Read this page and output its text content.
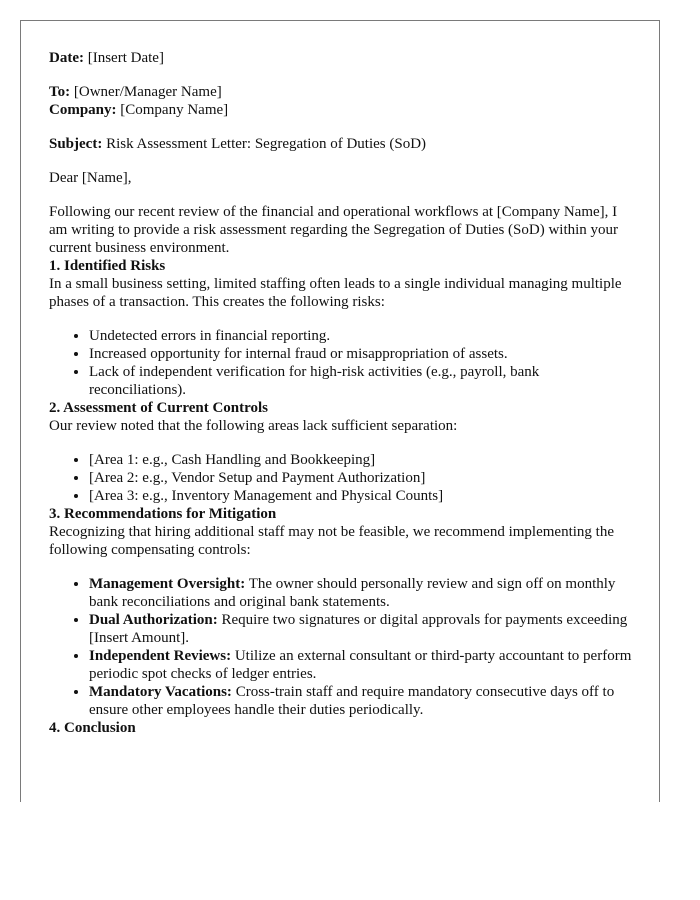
Date: [Insert Date]

To: [Owner/Manager Name]

Company: [Company Name]

Subject: Risk Assessment Letter: Segregation of Duties (SoD)

Dear [Name],

Following our recent review of the financial and operational workflows at [Company Name], I am writing to provide a risk assessment regarding the Segregation of Duties (SoD) within your current business environment.

1. Identified Risks

In a small business setting, limited staffing often leads to a single individual managing multiple phases of a transaction. This creates the following risks:

• Undetected errors in financial reporting.
• Increased opportunity for internal fraud or misappropriation of assets.
• Lack of independent verification for high-risk activities (e.g., payroll, bank reconciliations).

2. Assessment of Current Controls

Our review noted that the following areas lack sufficient separation:

• [Area 1: e.g., Cash Handling and Bookkeeping]
• [Area 2: e.g., Vendor Setup and Payment Authorization]
• [Area 3: e.g., Inventory Management and Physical Counts]

3. Recommendations for Mitigation

Recognizing that hiring additional staff may not be feasible, we recommend implementing the following compensating controls:

• Management Oversight: The owner should personally review and sign off on monthly bank reconciliations and original bank statements.
• Dual Authorization: Require two signatures or digital approvals for payments exceeding [Insert Amount].
• Independent Reviews: Utilize an external consultant or third-party accountant to perform periodic spot checks of ledger entries.
• Mandatory Vacations: Cross-train staff and require mandatory consecutive days off to ensure other employees handle their duties periodically.

4. Conclusion
